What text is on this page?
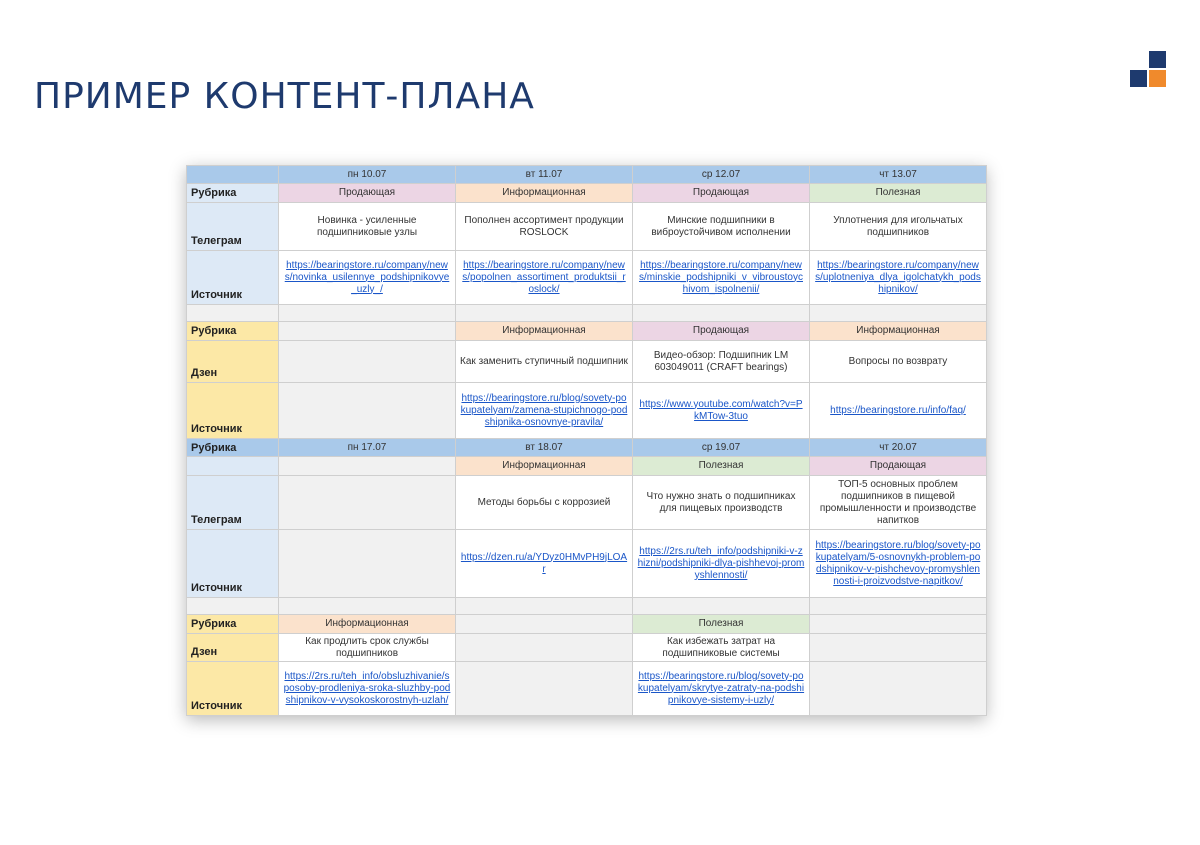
ПРИМЕР КОНТЕНТ-ПЛАНА
	пн 10.07	вт 11.07	ср 12.07	чт 13.07
Рубрика	Продающая	Информационная	Продающая	Полезная
Телеграм	Новинка - усиленные подшипниковые узлы	Пополнен ассортимент продукции ROSLOCK	Минские подшипники в виброустойчивом исполнении	Уплотнения для игольчатых подшипников
Источник	https://bearingstore.ru/company/news/novinka_usilennye_podshipnikovye_uzly_/	https://bearingstore.ru/company/news/popolnen_assortiment_produktsii_roslock/	https://bearingstore.ru/company/news/minskie_podshipniki_v_vibroustoychivom_ispolnenii/	https://bearingstore.ru/company/news/uplotneniya_dlya_igolchatykh_podshipnikov/

Рубрика		Информационная	Продающая	Информационная
Дзен		Как заменить ступичный подшипник	Видео-обзор: Подшипник LM 603049011 (CRAFT bearings)	Вопросы по возврату
Источник		https://bearingstore.ru/blog/sovety-pokupatelyam/zamena-stupichnogo-podshipnika-osnovnye-pravila/	https://www.youtube.com/watch?v=PkMTow-3tuo	https://bearingstore.ru/info/faq/
Рубрика	пн 17.07	вт 18.07	ср 19.07	чт 20.07
		Информационная	Полезная	Продающая
Телеграм		Методы борьбы с коррозией	Что нужно знать о подшипниках для пищевых производств	ТОП-5 основных проблем подшипников в пищевой промышленности и производстве напитков
Источник		https://dzen.ru/a/YDyz0HMvPH9jLOAr	https://2rs.ru/teh_info/podshipniki-v-zhizni/podshipniki-dlya-pishhevoj-promyshlennosti/	https://bearingstore.ru/blog/sovety-pokupatelyam/5-osnovnykh-problem-podshipnikov-v-pishchevoy-promyshlennosti-i-proizvodstve-napitkov/

Рубрика	Информационная		Полезная	
Дзен	Как продлить срок службы подшипников		Как избежать затрат на подшипниковые системы	
Источник	https://2rs.ru/teh_info/obsluzhivanie/sposoby-prodleniya-sroka-sluzhby-podshipnikov-v-vysokoskorostnyh-uzlah/		https://bearingstore.ru/blog/sovety-pokupatelyam/skrytye-zatraty-na-podshipnikovye-sistemy-i-uzly/	
